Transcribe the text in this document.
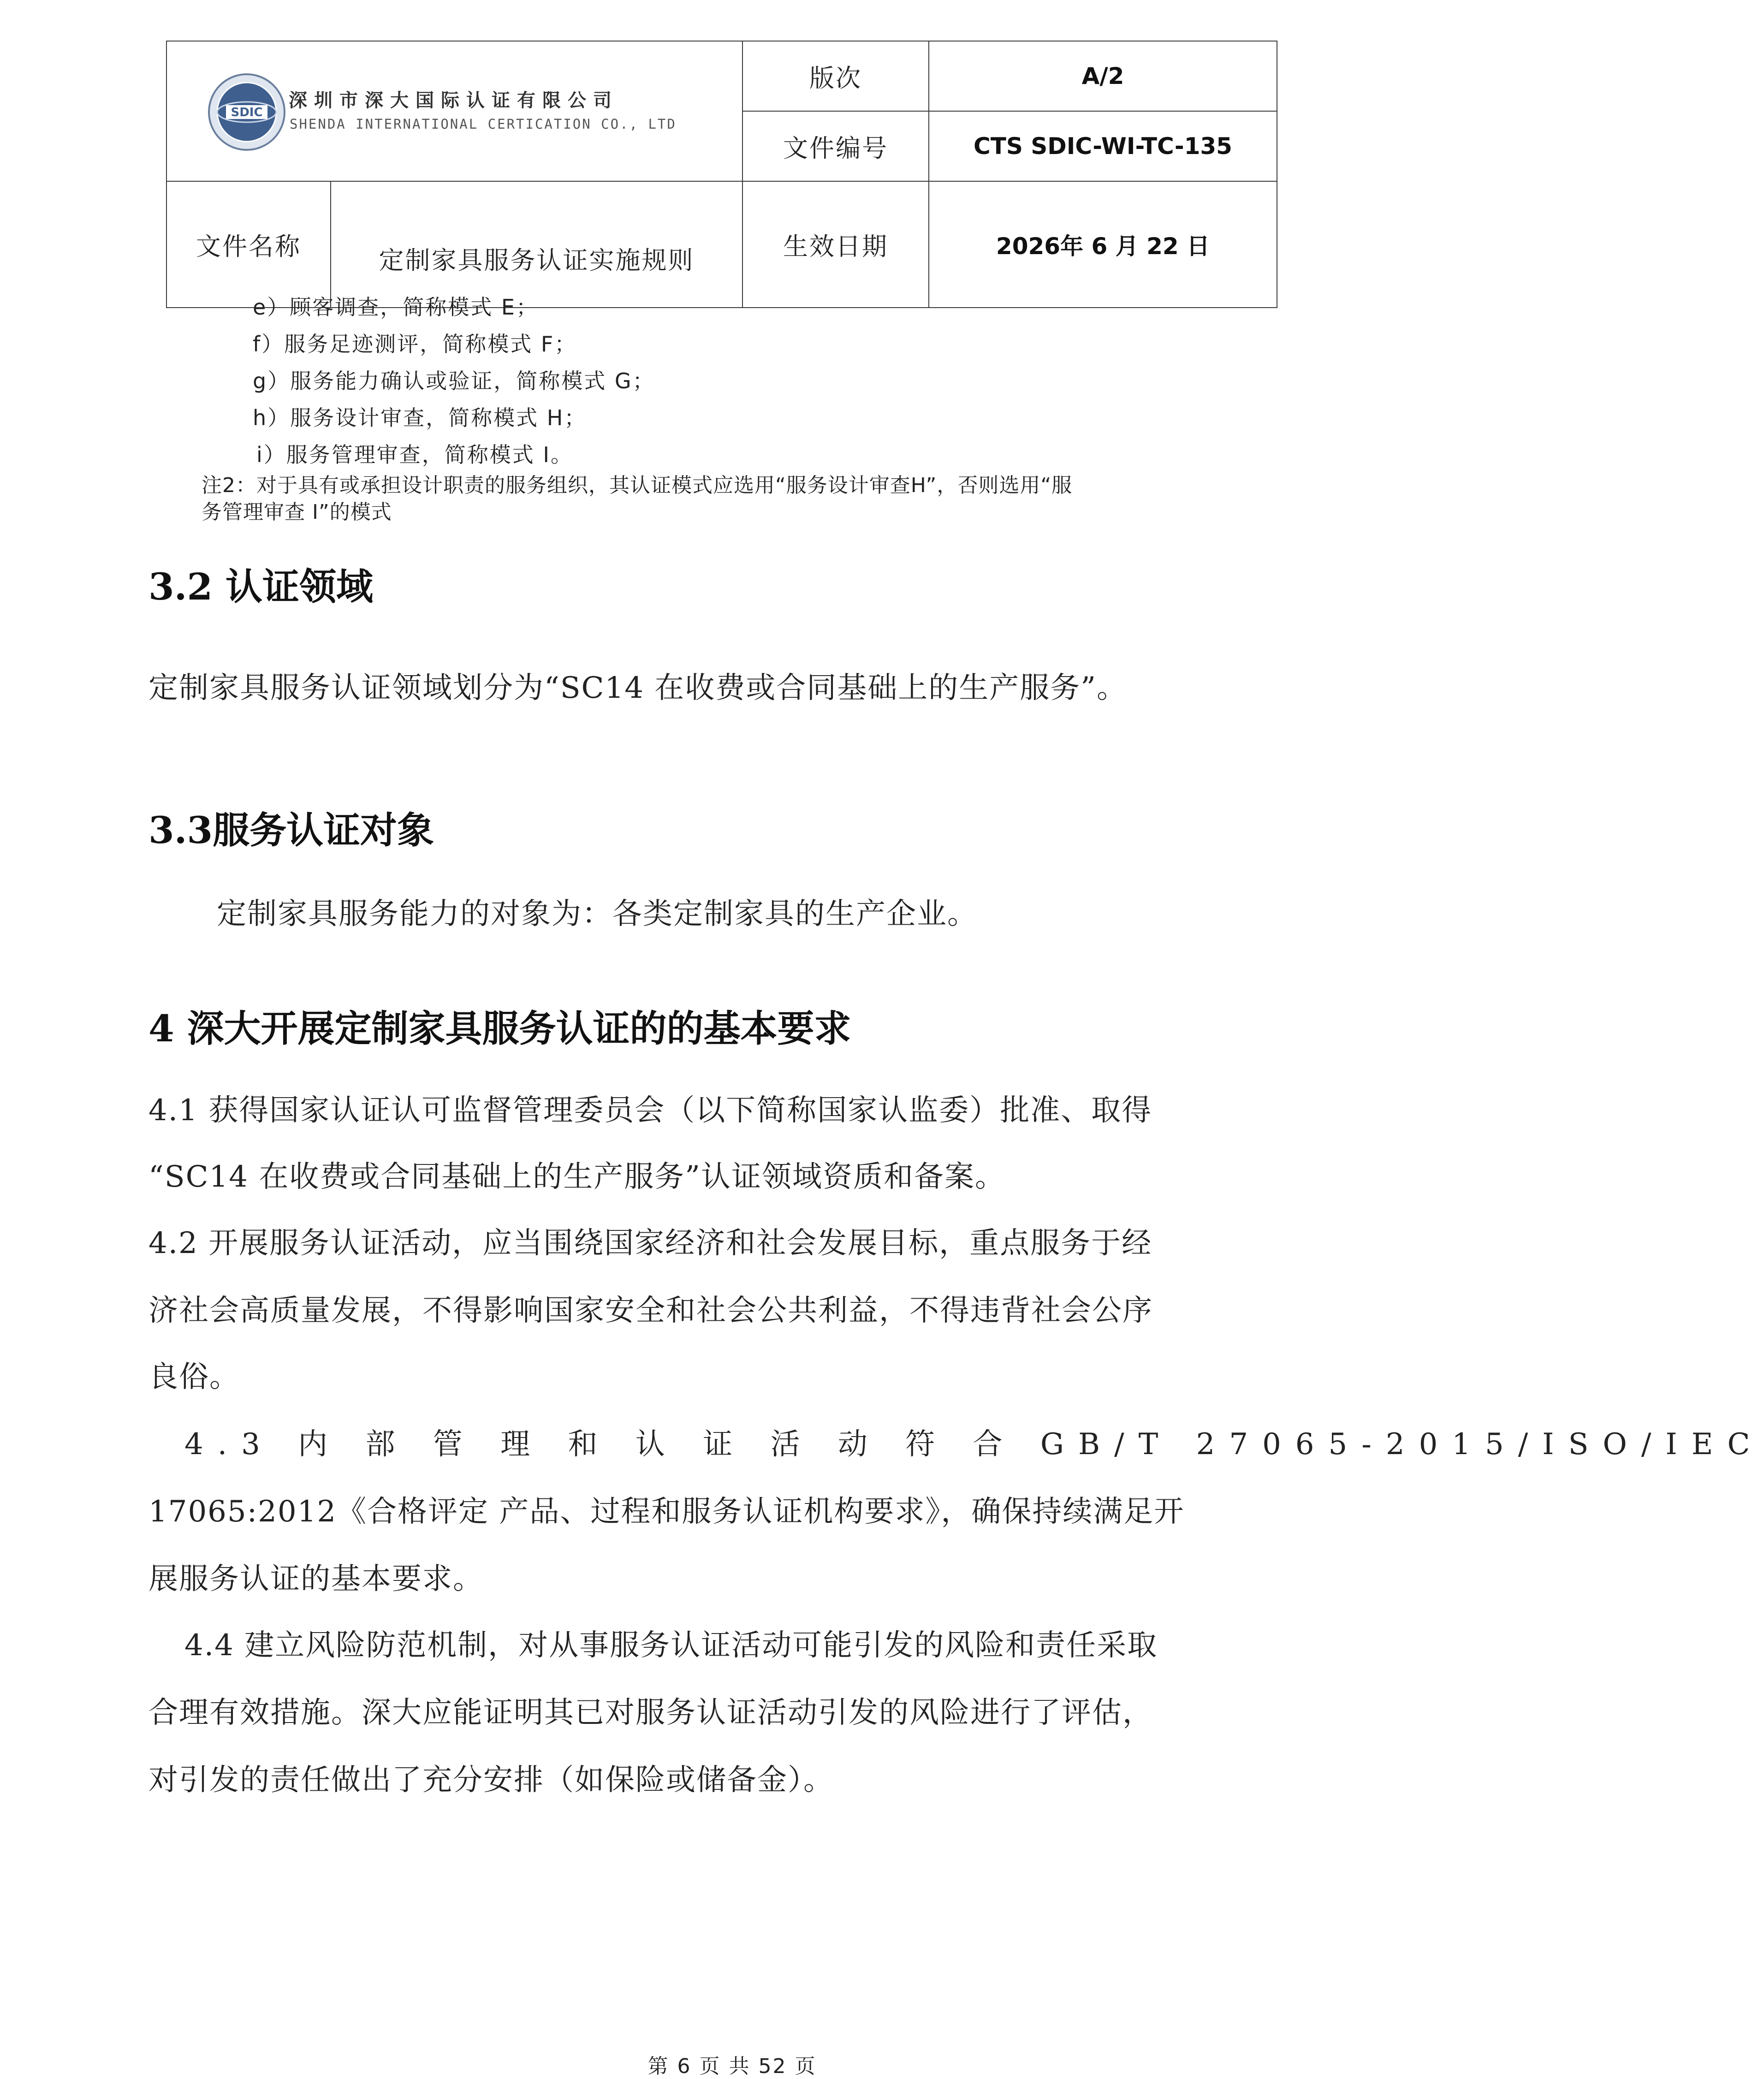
SDIC
深圳市深大国际认证有限公司
SHENDA INTERNATIONAL CERTICATION CO., LTD
	版次	A/2
文件编号	CTS SDIC-WI-TC-135

文件名称	定制家具服务认证实施规则
		生效日期	2026年 6 月 22 日
e）顾客调查，简称模式 E；
f）服务足迹测评，简称模式 F；
g）服务能力确认或验证，简称模式 G；
h）服务设计审查，简称模式 H；
i）服务管理审查，简称模式 I。
注2：对于具有或承担设计职责的服务组织，其认证模式应选用“服务设计审查H”，否则选用“服
务管理审查 I”的模式
3.2 认证领域
定制家具服务认证领域划分为“SC14 在收费或合同基础上的生产服务”。
3.3服务认证对象
定制家具服务能力的对象为：各类定制家具的生产企业。
4 深大开展定制家具服务认证的的基本要求
4.1 获得国家认证认可监督管理委员会（以下简称国家认监委）批准、取得
“SC14 在收费或合同基础上的生产服务”认证领域资质和备案。
4.2 开展服务认证活动，应当围绕国家经济和社会发展目标，重点服务于经
济社会高质量发展，不得影响国家安全和社会公共利益，不得违背社会公序
良俗。
4.3 内 部 管 理 和 认 证 活 动 符 合 GB/T 27065-2015/ISO/IEC
17065:2012《合格评定 产品、过程和服务认证机构要求》，确保持续满足开
展服务认证的基本要求。
4.4 建立风险防范机制，对从事服务认证活动可能引发的风险和责任采取
合理有效措施。深大应能证明其已对服务认证活动引发的风险进行了评估，
对引发的责任做出了充分安排（如保险或储备金）。
第 6 页 共 52 页
